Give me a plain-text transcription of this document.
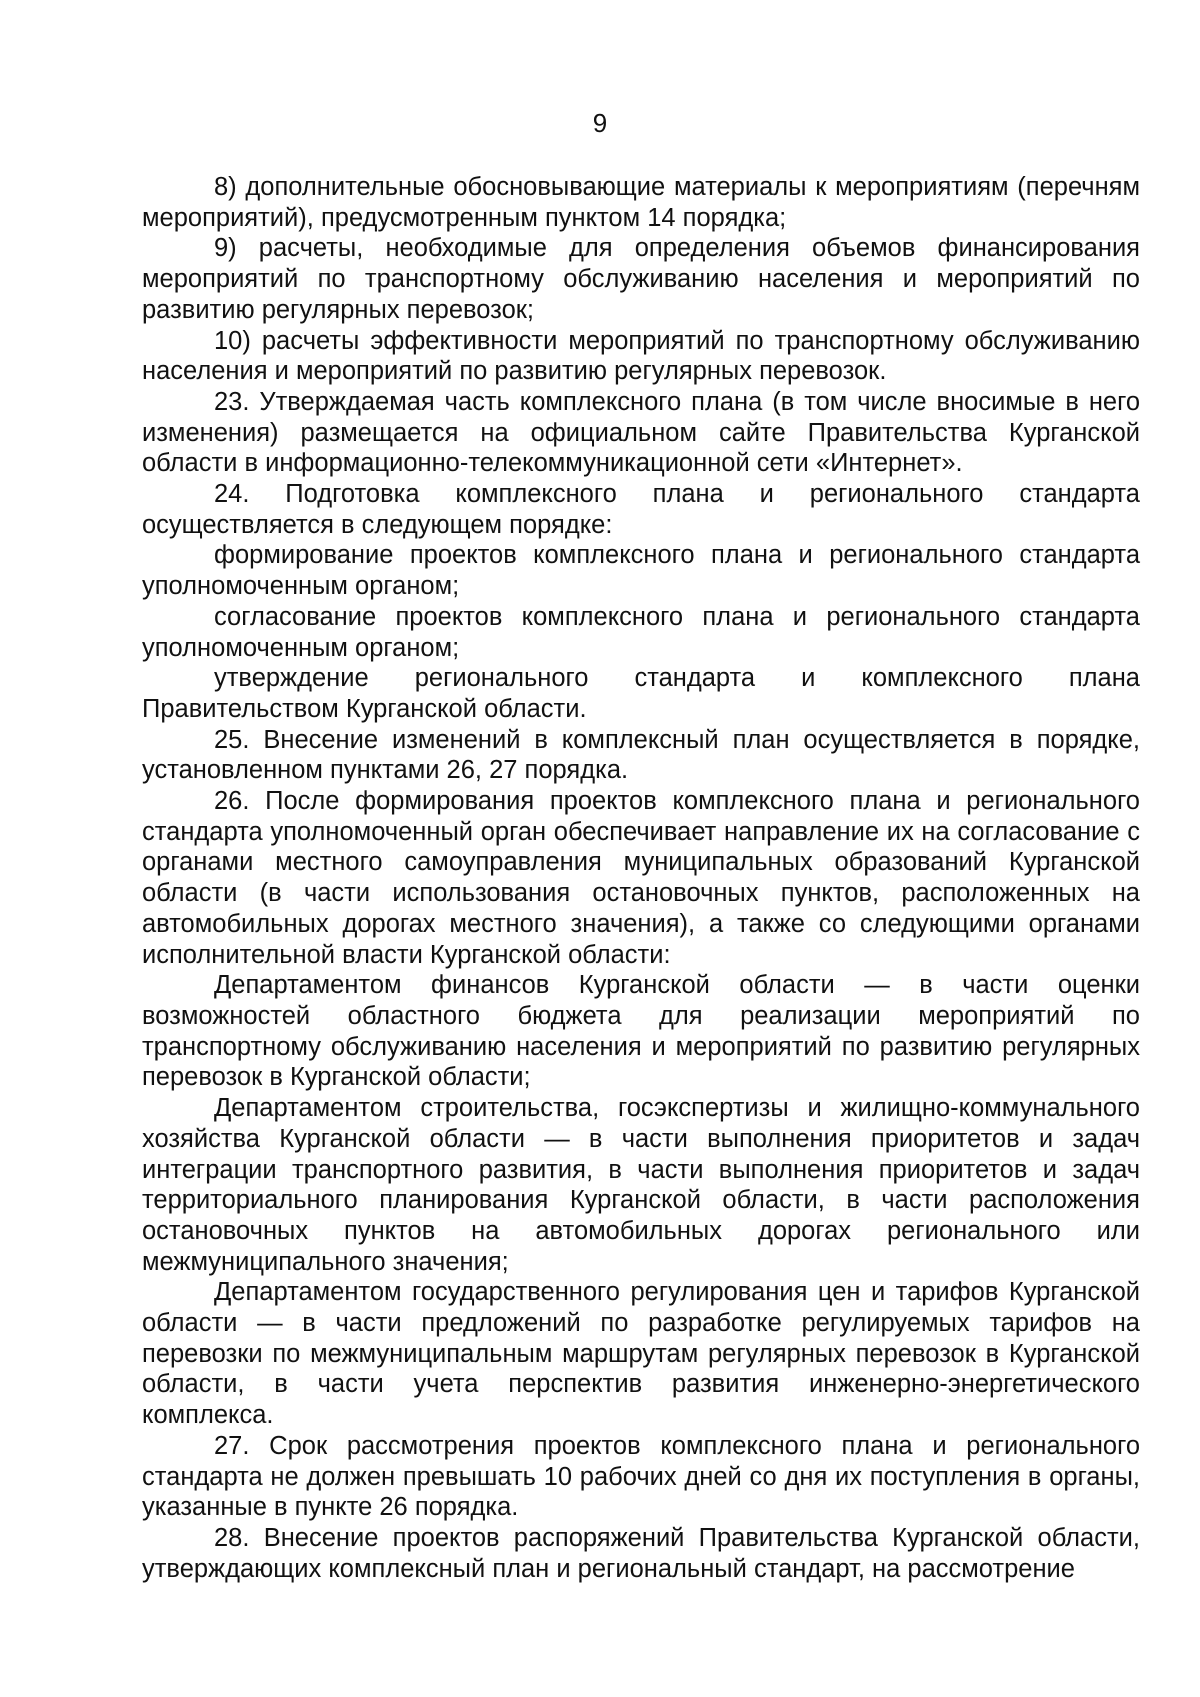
9

8) дополнительные обосновывающие материалы к мероприятиям (перечням мероприятий), предусмотренным пунктом 14 порядка;

9) расчеты, необходимые для определения объемов финансирования мероприятий по транспортному обслуживанию населения и мероприятий по развитию регулярных перевозок;

10) расчеты эффективности мероприятий по транспортному обслуживанию населения и мероприятий по развитию регулярных перевозок.

23. Утверждаемая часть комплексного плана (в том числе вносимые в него изменения) размещается на официальном сайте Правительства Курганской области в информационно-телекоммуникационной сети «Интернет».

24. Подготовка комплексного плана и регионального стандарта осуществляется в следующем порядке:

формирование проектов комплексного плана и регионального стандарта уполномоченным органом;

согласование проектов комплексного плана и регионального стандарта уполномоченным органом;

утверждение регионального стандарта и комплексного плана Правительством Курганской области.

25. Внесение изменений в комплексный план осуществляется в порядке, установленном пунктами 26, 27 порядка.

26. После формирования проектов комплексного плана и регионального стандарта уполномоченный орган обеспечивает направление их на согласование с органами местного самоуправления муниципальных образований Курганской области (в части использования остановочных пунктов, расположенных на автомобильных дорогах местного значения), а также со следующими органами исполнительной власти Курганской области:

Департаментом финансов Курганской области — в части оценки возможностей областного бюджета для реализации мероприятий по транспортному обслуживанию населения и мероприятий по развитию регулярных перевозок в Курганской области;

Департаментом строительства, госэкспертизы и жилищно-коммунального хозяйства Курганской области — в части выполнения приоритетов и задач интеграции транспортного развития, в части выполнения приоритетов и задач территориального планирования Курганской области, в части расположения остановочных пунктов на автомобильных дорогах регионального или межмуниципального значения;

Департаментом государственного регулирования цен и тарифов Курганской области — в части предложений по разработке регулируемых тарифов на перевозки по межмуниципальным маршрутам регулярных перевозок в Курганской области, в части учета перспектив развития инженерно-энергетического комплекса.

27. Срок рассмотрения проектов комплексного плана и регионального стандарта не должен превышать 10 рабочих дней со дня их поступления в органы, указанные в пункте 26 порядка.

28. Внесение проектов распоряжений Правительства Курганской области, утверждающих комплексный план и региональный стандарт, на рассмотрение
